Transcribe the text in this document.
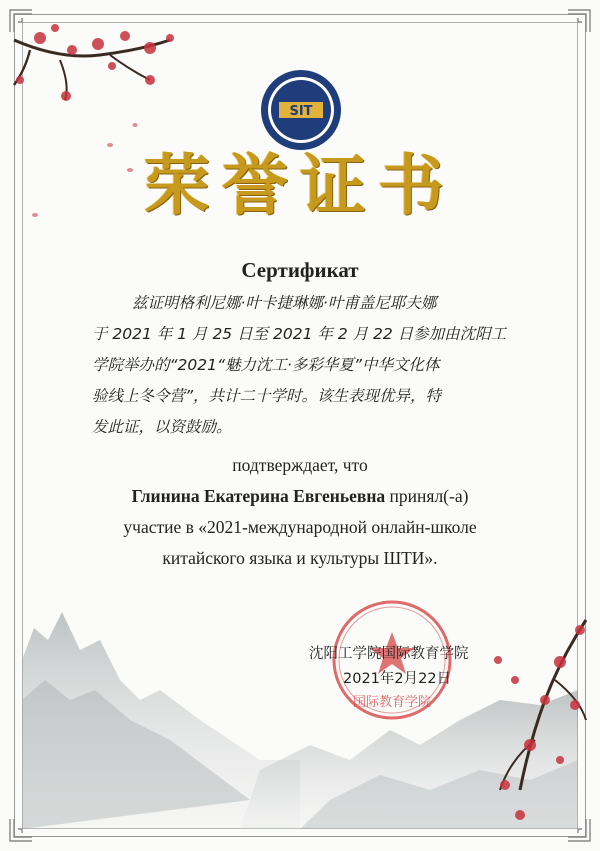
SIT
荣誉证书
Сертификат
兹证明格利尼娜·叶卡捷琳娜·叶甫盖尼耶夫娜
于 2021 年 1 月 25 日至 2021 年 2 月 22 日参加由沈阳工
学院举办的“2021“魅力沈工·多彩华夏”中华文化体
验线上冬令营”，共计二十学时。该生表现优异，特
发此证，以资鼓励。
подтверждает, что
Глинина Екатерина Евгеньевна принял(-а)
участие в «2021-международной онлайн-школе
китайского языка и культуры ШТИ».
国际教育学院
沈阳工学院国际教育学院
2021年2月22日
